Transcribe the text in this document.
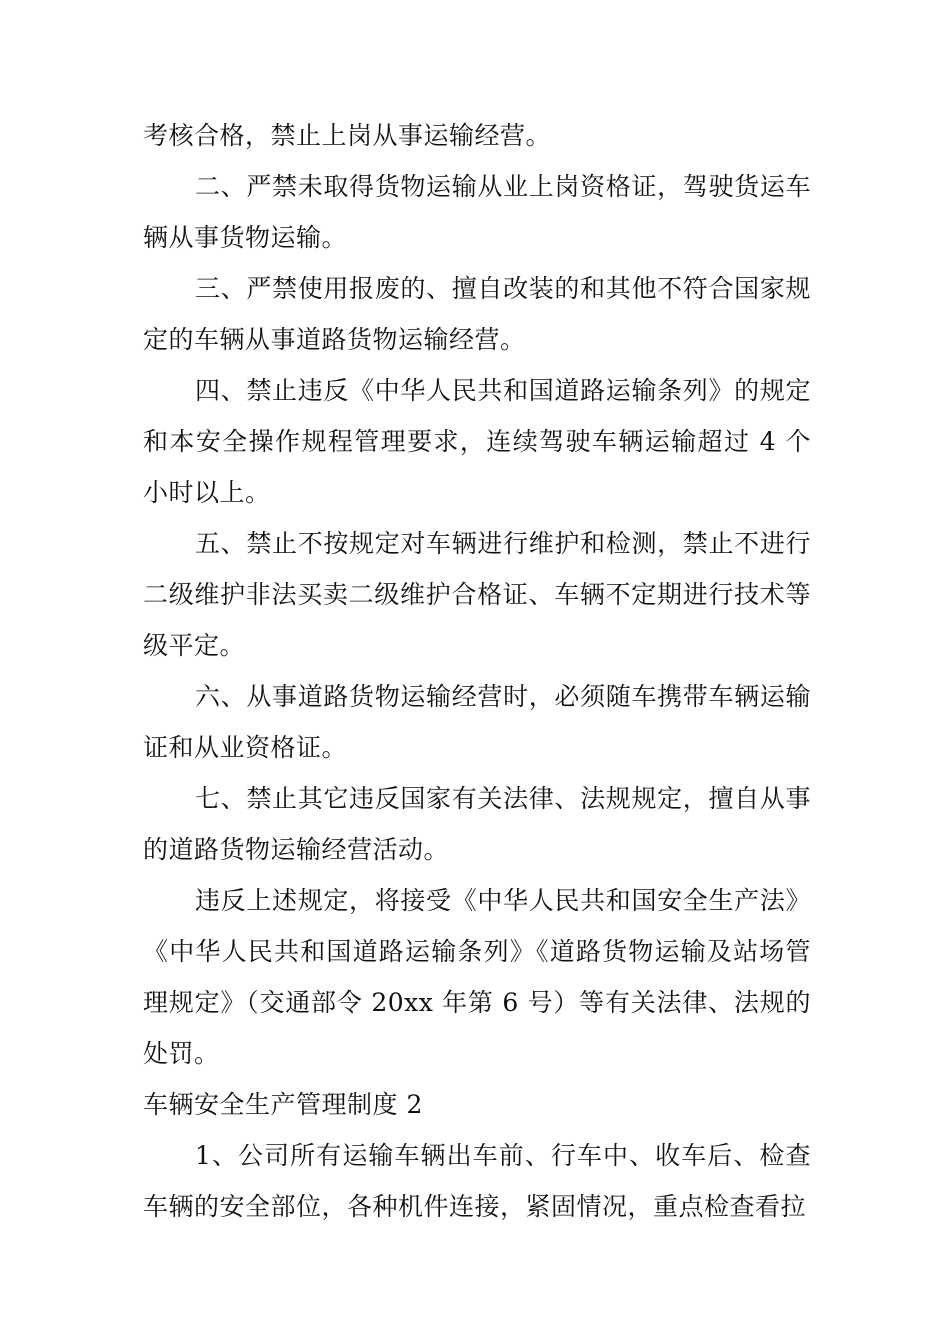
考核合格，禁止上岗从事运输经营。

二、严禁未取得货物运输从业上岗资格证，驾驶货运车辆从事货物运输。

三、严禁使用报废的、擅自改装的和其他不符合国家规定的车辆从事道路货物运输经营。

四、禁止违反《中华人民共和国道路运输条列》的规定和本安全操作规程管理要求，连续驾驶车辆运输超过 4 个小时以上。

五、禁止不按规定对车辆进行维护和检测，禁止不进行二级维护非法买卖二级维护合格证、车辆不定期进行技术等级平定。

六、从事道路货物运输经营时，必须随车携带车辆运输证和从业资格证。

七、禁止其它违反国家有关法律、法规规定，擅自从事的道路货物运输经营活动。

违反上述规定，将接受《中华人民共和国安全生产法》《中华人民共和国道路运输条列》《道路货物运输及站场管理规定》（交通部令 20xx 年第 6 号）等有关法律、法规的处罚。

车辆安全生产管理制度 2

1、公司所有运输车辆出车前、行车中、收车后、检查车辆的安全部位，各种机件连接，紧固情况，重点检查看拉
